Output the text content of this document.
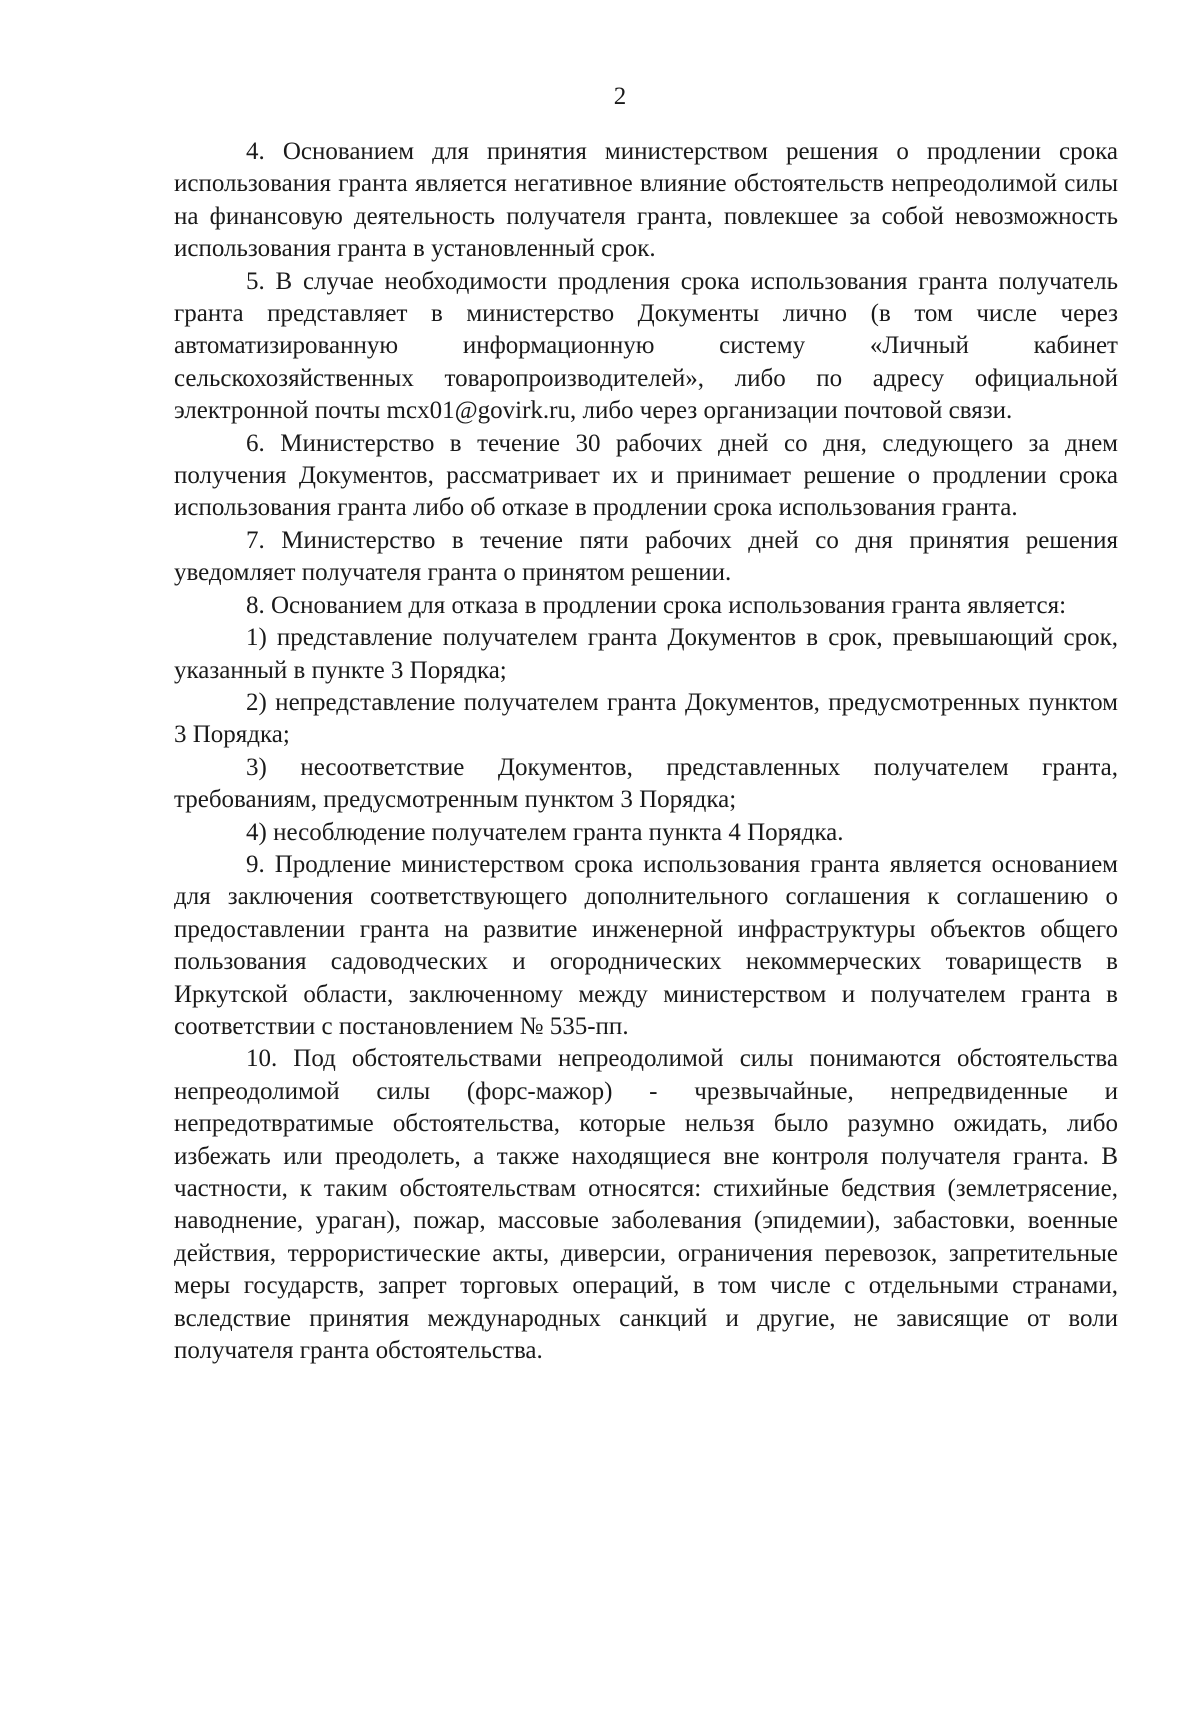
2

4. Основанием для принятия министерством решения о продлении срока использования гранта является негативное влияние обстоятельств непреодолимой силы на финансовую деятельность получателя гранта, повлекшее за собой невозможность использования гранта в установленный срок.

5. В случае необходимости продления срока использования гранта получатель гранта представляет в министерство Документы лично (в том числе через автоматизированную информационную систему «Личный кабинет сельскохозяйственных товаропроизводителей», либо по адресу официальной электронной почты mcx01@govirk.ru, либо через организации почтовой связи.

6. Министерство в течение 30 рабочих дней со дня, следующего за днем получения Документов, рассматривает их и принимает решение о продлении срока использования гранта либо об отказе в продлении срока использования гранта.

7. Министерство в течение пяти рабочих дней со дня принятия решения уведомляет получателя гранта о принятом решении.

8. Основанием для отказа в продлении срока использования гранта является:

1) представление получателем гранта Документов в срок, превышающий срок, указанный в пункте 3 Порядка;

2) непредставление получателем гранта Документов, предусмотренных пунктом 3 Порядка;

3) несоответствие Документов, представленных получателем гранта, требованиям, предусмотренным пунктом 3 Порядка;

4) несоблюдение получателем гранта пункта 4 Порядка.

9. Продление министерством срока использования гранта является основанием для заключения соответствующего дополнительного соглашения к соглашению о предоставлении гранта на развитие инженерной инфраструктуры объектов общего пользования садоводческих и огороднических некоммерческих товариществ в Иркутской области, заключенному между министерством и получателем гранта в соответствии с постановлением № 535-пп.

10. Под обстоятельствами непреодолимой силы понимаются обстоятельства непреодолимой силы (форс-мажор) - чрезвычайные, непредвиденные и непредотвратимые обстоятельства, которые нельзя было разумно ожидать, либо избежать или преодолеть, а также находящиеся вне контроля получателя гранта. В частности, к таким обстоятельствам относятся: стихийные бедствия (землетрясение, наводнение, ураган), пожар, массовые заболевания (эпидемии), забастовки, военные действия, террористические акты, диверсии, ограничения перевозок, запретительные меры государств, запрет торговых операций, в том числе с отдельными странами, вследствие принятия международных санкций и другие, не зависящие от воли получателя гранта обстоятельства.
